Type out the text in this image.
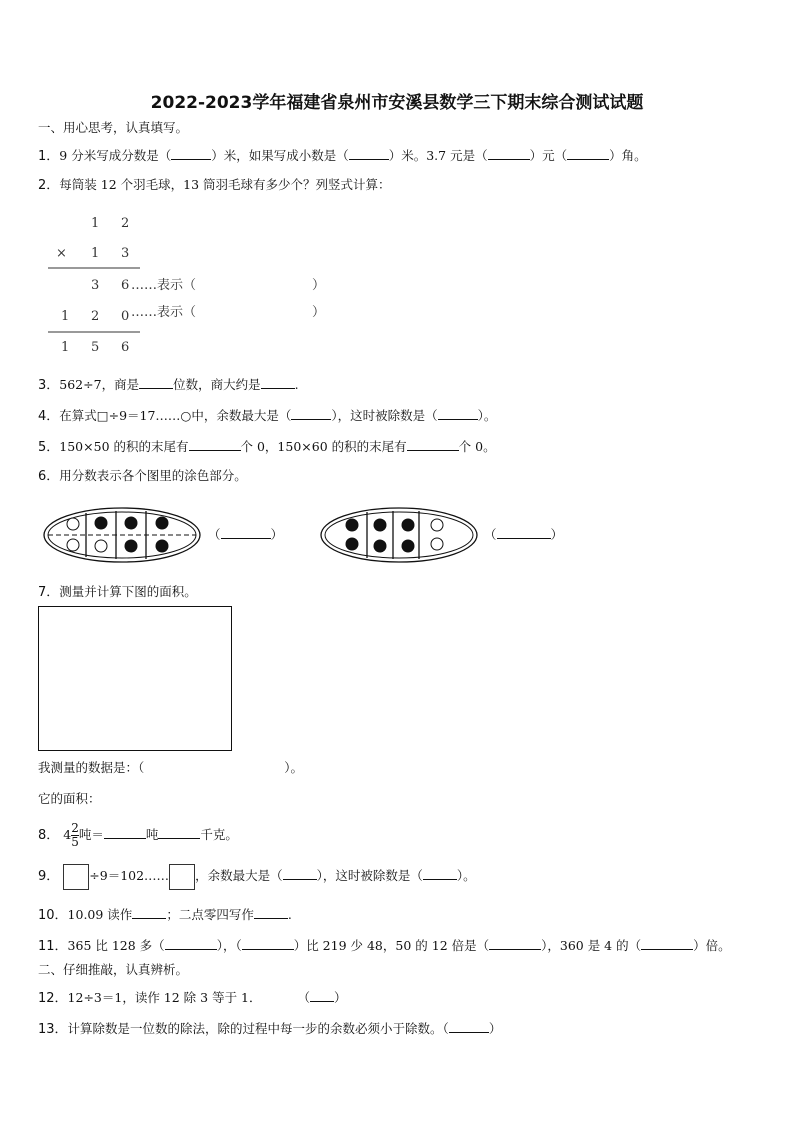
2022-2023学年福建省泉州市安溪县数学三下期末综合测试试题
一、用心思考，认真填写。
1．9 分米写成分数是（	）米，如果写成小数是（	）米。3.7 元是（	）元（	）角。
2．每筒装 12 个羽毛球，13 筒羽毛球有多少个？列竖式计算：
1 2
× 1 3
3 6 ……表示（	）
1 2 0 ……表示（	）
1 5 6
3．562÷7，商是	位数，商大约是	.
4．在算式□÷9＝17……○中，余数最大是（	），这时被除数是（	）。
5．150×50 的积的末尾有	个 0，150×60 的积的末尾有	个 0。
6．用分数表示各个图里的涂色部分。
（	）	（	）
7．测量并计算下图的面积。
我测量的数据是：（	）。
它的面积：
8． $4 \frac{2}{5}$ 吨＝	吨	千克。
9． ÷9＝102…… ，余数最大是（	），这时被除数是（	）。
10．10.09 读作	；二点零四写作	.
11．365 比 128 多（	），（	）比 219 少 48，50 的 12 倍是（	），360 是 4 的（	）倍。
二、仔细推敲，认真辨析。
12．12÷3＝1，读作 12 除 3 等于 1．	（ ）
13．计算除数是一位数的除法，除的过程中每一步的余数必须小于除数。（	）
